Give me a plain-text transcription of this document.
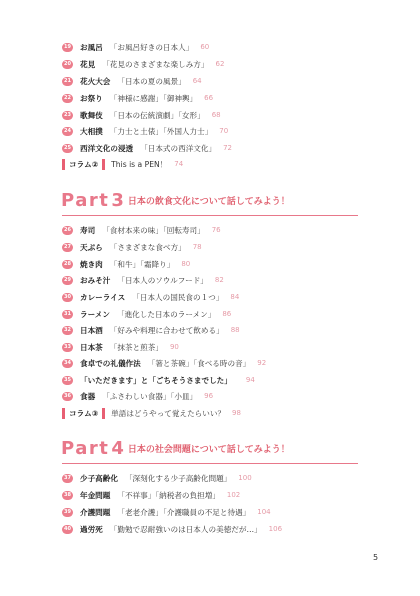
19 お風呂 「お風呂好きの日本人」 60
20 花見 「花見のさまざまな楽しみ方」 62
21 花火大会 「日本の夏の風景」 64
22 お祭り 「神様に感謝」「御神輿」 66
23 歌舞伎 「日本の伝統演劇」「女形」 68
24 大相撲 「力士と土俵」「外国人力士」 70
25 西洋文化の浸透 「日本式の西洋文化」 72
コラム② This is a PEN！ 74
Part 3 日本の飲食文化について話してみよう！
26 寿司 「食材本来の味」「回転寿司」 76
27 天ぷら 「さまざまな食べ方」 78
28 焼き肉 「和牛」「霜降り」 80
29 おみそ汁 「日本人のソウルフード」 82
30 カレーライス 「日本人の国民食の１つ」 84
31 ラーメン 「進化した日本のラーメン」 86
32 日本酒 「好みや料理に合わせて飲める」 88
33 日本茶 「抹茶と煎茶」 90
34 食卓での礼儀作法 「箸と茶碗」「食べる時の音」 92
35 「いただきます」と「ごちそうさまでした」 94
36 食器 「ふさわしい食器」「小皿」 96
コラム③ 単語はどうやって覚えたらいい？ 98
Part 4 日本の社会問題について話してみよう！
37 少子高齢化 「深刻化する少子高齢化問題」 100
38 年金問題 「不祥事」「納税者の負担増」 102
39 介護問題 「老老介護」「介護職員の不足と待遇」 104
40 過労死 「勤勉で忍耐強いのは日本人の美徳だが…」 106
5
